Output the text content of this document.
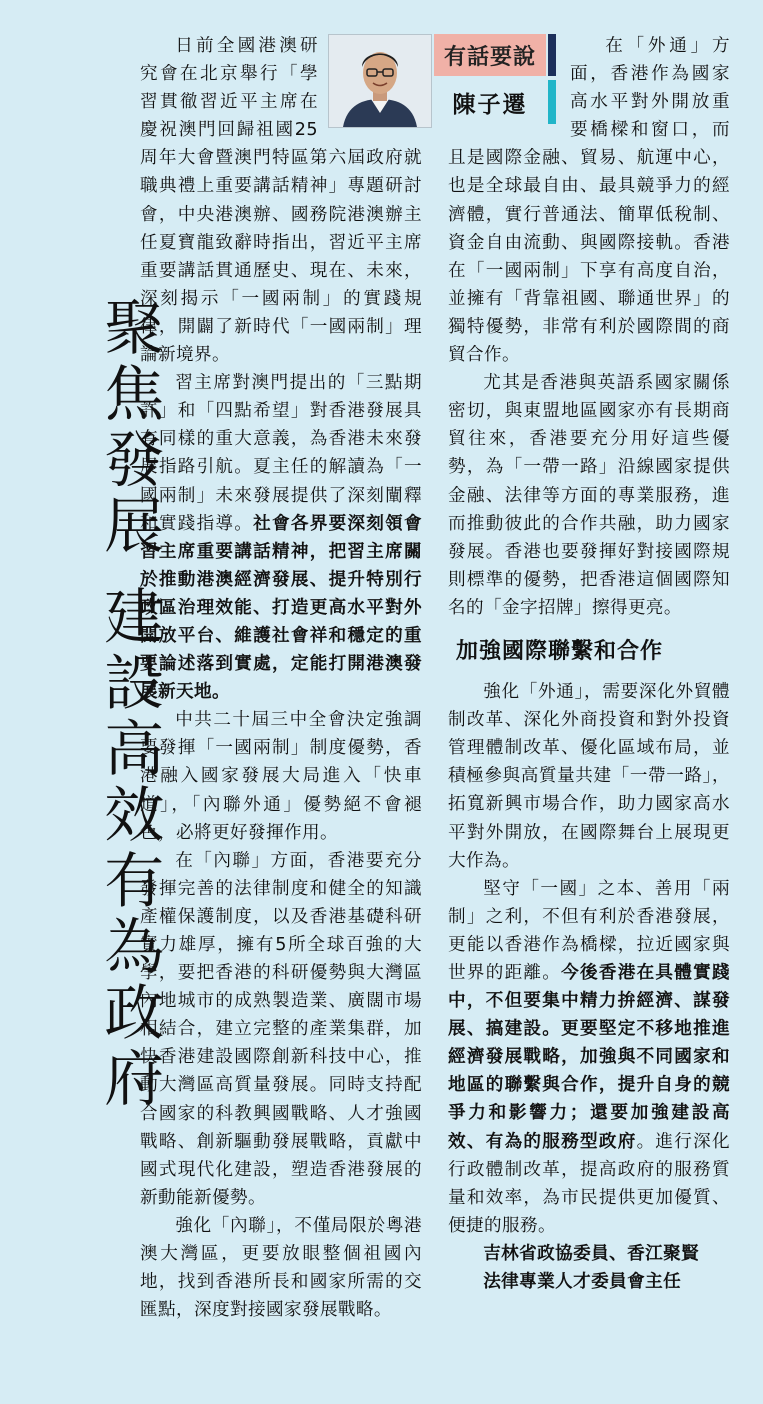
聚焦發展 建設高效有為政府
有話要說
陳子遷

日前全國港澳研究會在北京舉行「學習貫徹習近平主席在慶祝澳門回歸祖國25周年大會暨澳門特區第六屆政府就職典禮上重要講話精神」專題研討會，中央港澳辦、國務院港澳辦主任夏寶龍致辭時指出，習近平主席重要講話貫通歷史、現在、未來，深刻揭示「一國兩制」的實踐規律，開闢了新時代「一國兩制」理論新境界。

習主席對澳門提出的「三點期許」和「四點希望」對香港發展具有同樣的重大意義，為香港未來發展指路引航。夏主任的解讀為「一國兩制」未來發展提供了深刻闡釋和實踐指導。社會各界要深刻領會習主席重要講話精神，把習主席關於推動港澳經濟發展、提升特別行政區治理效能、打造更高水平對外開放平台、維護社會祥和穩定的重要論述落到實處，定能打開港澳發展新天地。

中共二十屆三中全會決定強調要發揮「一國兩制」制度優勢，香港融入國家發展大局進入「快車道」，「內聯外通」優勢絕不會褪色，必將更好發揮作用。

在「內聯」方面，香港要充分發揮完善的法律制度和健全的知識產權保護制度，以及香港基礎科研實力雄厚，擁有5所全球百強的大學，要把香港的科研優勢與大灣區內地城市的成熟製造業、廣闊市場相結合，建立完整的產業集群，加快香港建設國際創新科技中心，推動大灣區高質量發展。同時支持配合國家的科教興國戰略、人才強國戰略、創新驅動發展戰略，貢獻中國式現代化建設，塑造香港發展的新動能新優勢。

強化「內聯」，不僅局限於粵港澳大灣區，更要放眼整個祖國內地，找到香港所長和國家所需的交匯點，深度對接國家發展戰略。

在「外通」方面，香港作為國家高水平對外開放重要橋樑和窗口，而且是國際金融、貿易、航運中心，也是全球最自由、最具競爭力的經濟體，實行普通法、簡單低稅制、資金自由流動、與國際接軌。香港在「一國兩制」下享有高度自治，並擁有「背靠祖國、聯通世界」的獨特優勢，非常有利於國際間的商貿合作。

尤其是香港與英語系國家關係密切，與東盟地區國家亦有長期商貿往來，香港要充分用好這些優勢，為「一帶一路」沿線國家提供金融、法律等方面的專業服務，進而推動彼此的合作共融，助力國家發展。香港也要發揮好對接國際規則標準的優勢，把香港這個國際知名的「金字招牌」擦得更亮。

加強國際聯繫和合作

強化「外通」，需要深化外貿體制改革、深化外商投資和對外投資管理體制改革、優化區域布局，並積極參與高質量共建「一帶一路」，拓寬新興市場合作，助力國家高水平對外開放，在國際舞台上展現更大作為。

堅守「一國」之本、善用「兩制」之利，不但有利於香港發展，更能以香港作為橋樑，拉近國家與世界的距離。今後香港在具體實踐中，不但要集中精力拚經濟、謀發展、搞建設。更要堅定不移地推進經濟發展戰略，加強與不同國家和地區的聯繫與合作，提升自身的競爭力和影響力；還要加強建設高效、有為的服務型政府。進行深化行政體制改革，提高政府的服務質量和效率，為市民提供更加優質、便捷的服務。

吉林省政協委員、香江聚賢

法律專業人才委員會主任
